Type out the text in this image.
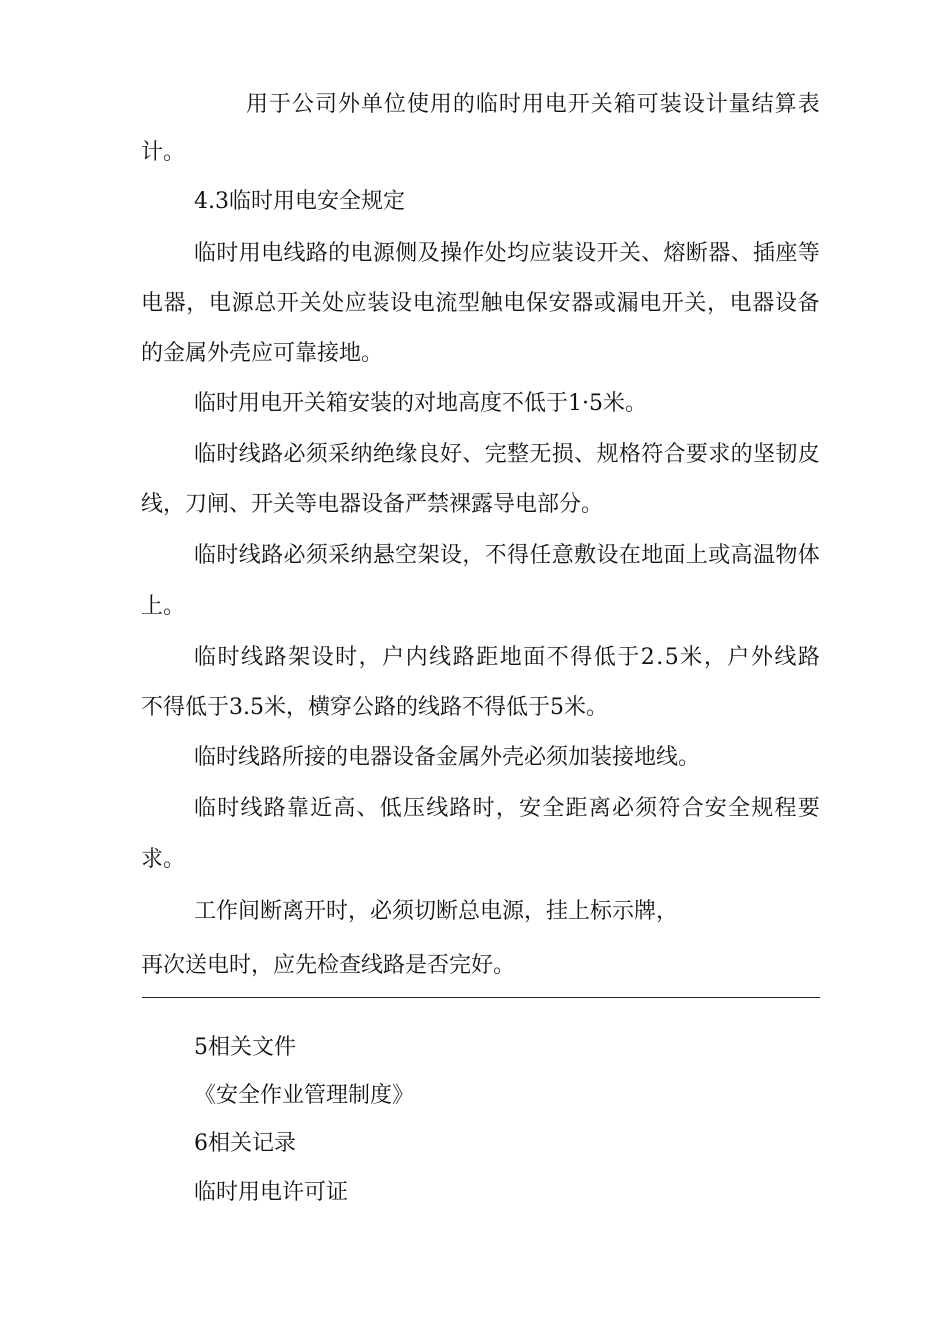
用 于 公 司 外 单 位 使 用 的 临 时 用 电 开 关 箱 可 装 设 计 量 结 算 表
计。
4.3临时用电安全规定
临 时 用 电 线 路 的 电 源 侧 及 操 作 处 均 应 装 设 开 关 、 熔 断 器 、 插 座 等
电 器 ， 电 源 总 开 关 处 应 装 设 电 流 型 触 电 保 安 器 或 漏 电 开 关 ， 电 器 设 备
的金属外壳应可靠接地。
临时用电开关箱安装的对地高度不低于1·5米。
临 时 线 路 必 须 采 纳 绝 缘 良 好 、 完 整 无 损 、 规 格 符 合 要 求 的 坚 韧 皮
线，刀闸、开关等电器设备严禁裸露导电部分。
临 时 线 路 必 须 采 纳 悬 空 架 设 ， 不 得 任 意 敷 设 在 地 面 上 或 高 温 物 体
上。
临 时 线 路 架 设 时 ， 户 内 线 路 距 地 面 不 得 低 于 2 . 5 米 ， 户 外 线 路
不得低于3.5米，横穿公路的线路不得低于5米。
临时线路所接的电器设备金属外壳必须加装接地线。
临 时 线 路 靠 近 高 、 低 压 线 路 时 ， 安 全 距 离 必 须 符 合 安 全 规 程 要
求。
工作间断离开时，必须切断总电源，挂上标示牌，
再次送电时，应先检查线路是否完好。
5相关文件
《安全作业管理制度》
6相关记录
临时用电许可证
